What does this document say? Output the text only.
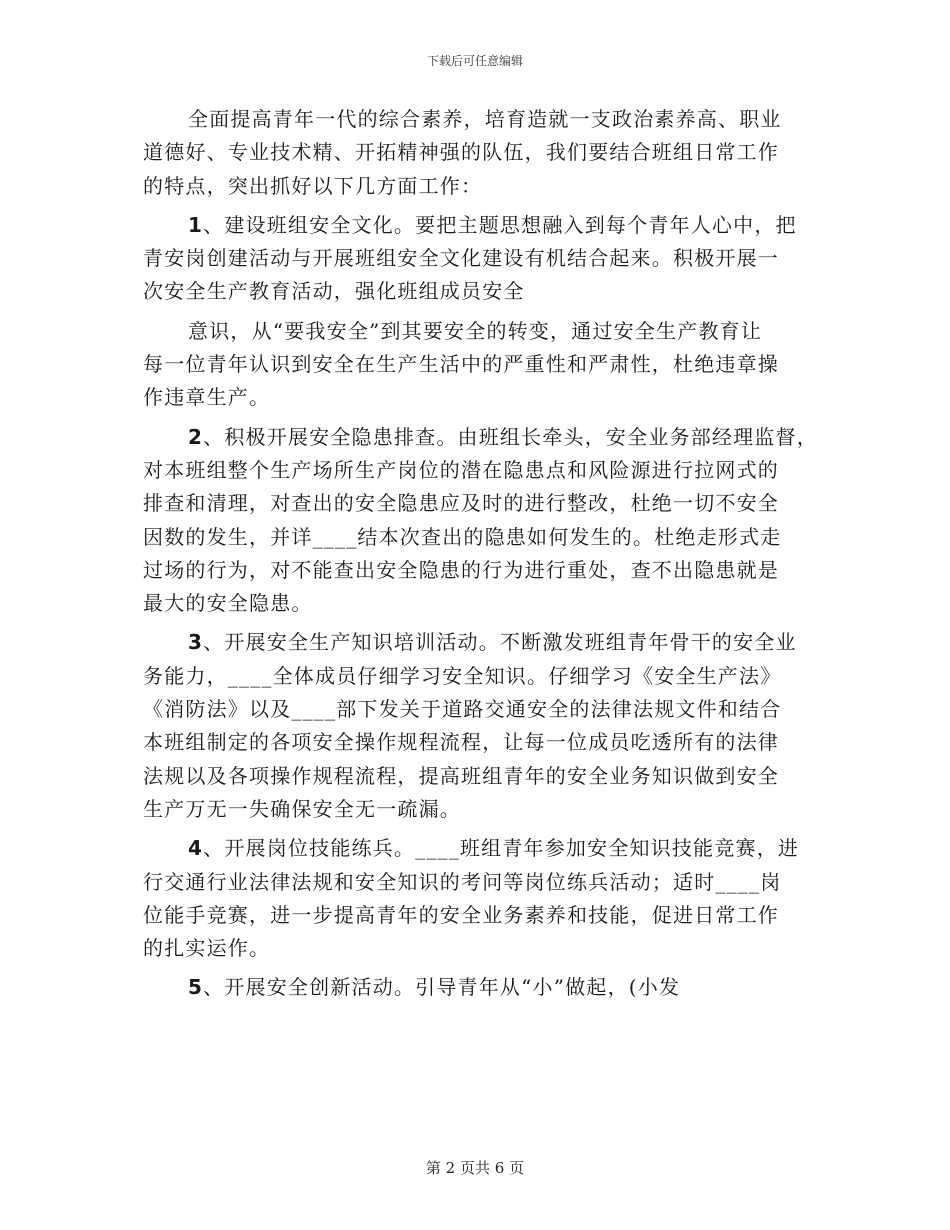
下载后可任意编辑
全面提高青年一代的综合素养，培育造就一支政治素养高、职业
道德好、专业技术精、开拓精神强的队伍，我们要结合班组日常工作
的特点，突出抓好以下几方面工作：
1、建设班组安全文化。要把主题思想融入到每个青年人心中，把
青安岗创建活动与开展班组安全文化建设有机结合起来。积极开展一
次安全生产教育活动，强化班组成员安全
意识，从“要我安全”到其要安全的转变，通过安全生产教育让
每一位青年认识到安全在生产生活中的严重性和严肃性，杜绝违章操
作违章生产。
2、积极开展安全隐患排查。由班组长牵头，安全业务部经理监督，
对本班组整个生产场所生产岗位的潜在隐患点和风险源进行拉网式的
排查和清理，对查出的安全隐患应及时的进行整改，杜绝一切不安全
因数的发生，并详____结本次查出的隐患如何发生的。杜绝走形式走
过场的行为，对不能查出安全隐患的行为进行重处，查不出隐患就是
最大的安全隐患。
3、开展安全生产知识培训活动。不断激发班组青年骨干的安全业
务能力，____全体成员仔细学习安全知识。仔细学习《安全生产法》
《消防法》以及____部下发关于道路交通安全的法律法规文件和结合
本班组制定的各项安全操作规程流程，让每一位成员吃透所有的法律
法规以及各项操作规程流程，提高班组青年的安全业务知识做到安全
生产万无一失确保安全无一疏漏。
4、开展岗位技能练兵。____班组青年参加安全知识技能竞赛，进
行交通行业法律法规和安全知识的考问等岗位练兵活动；适时____岗
位能手竞赛，进一步提高青年的安全业务素养和技能，促进日常工作
的扎实运作。
5、开展安全创新活动。引导青年从“小”做起，(小发
第 2 页共 6 页
